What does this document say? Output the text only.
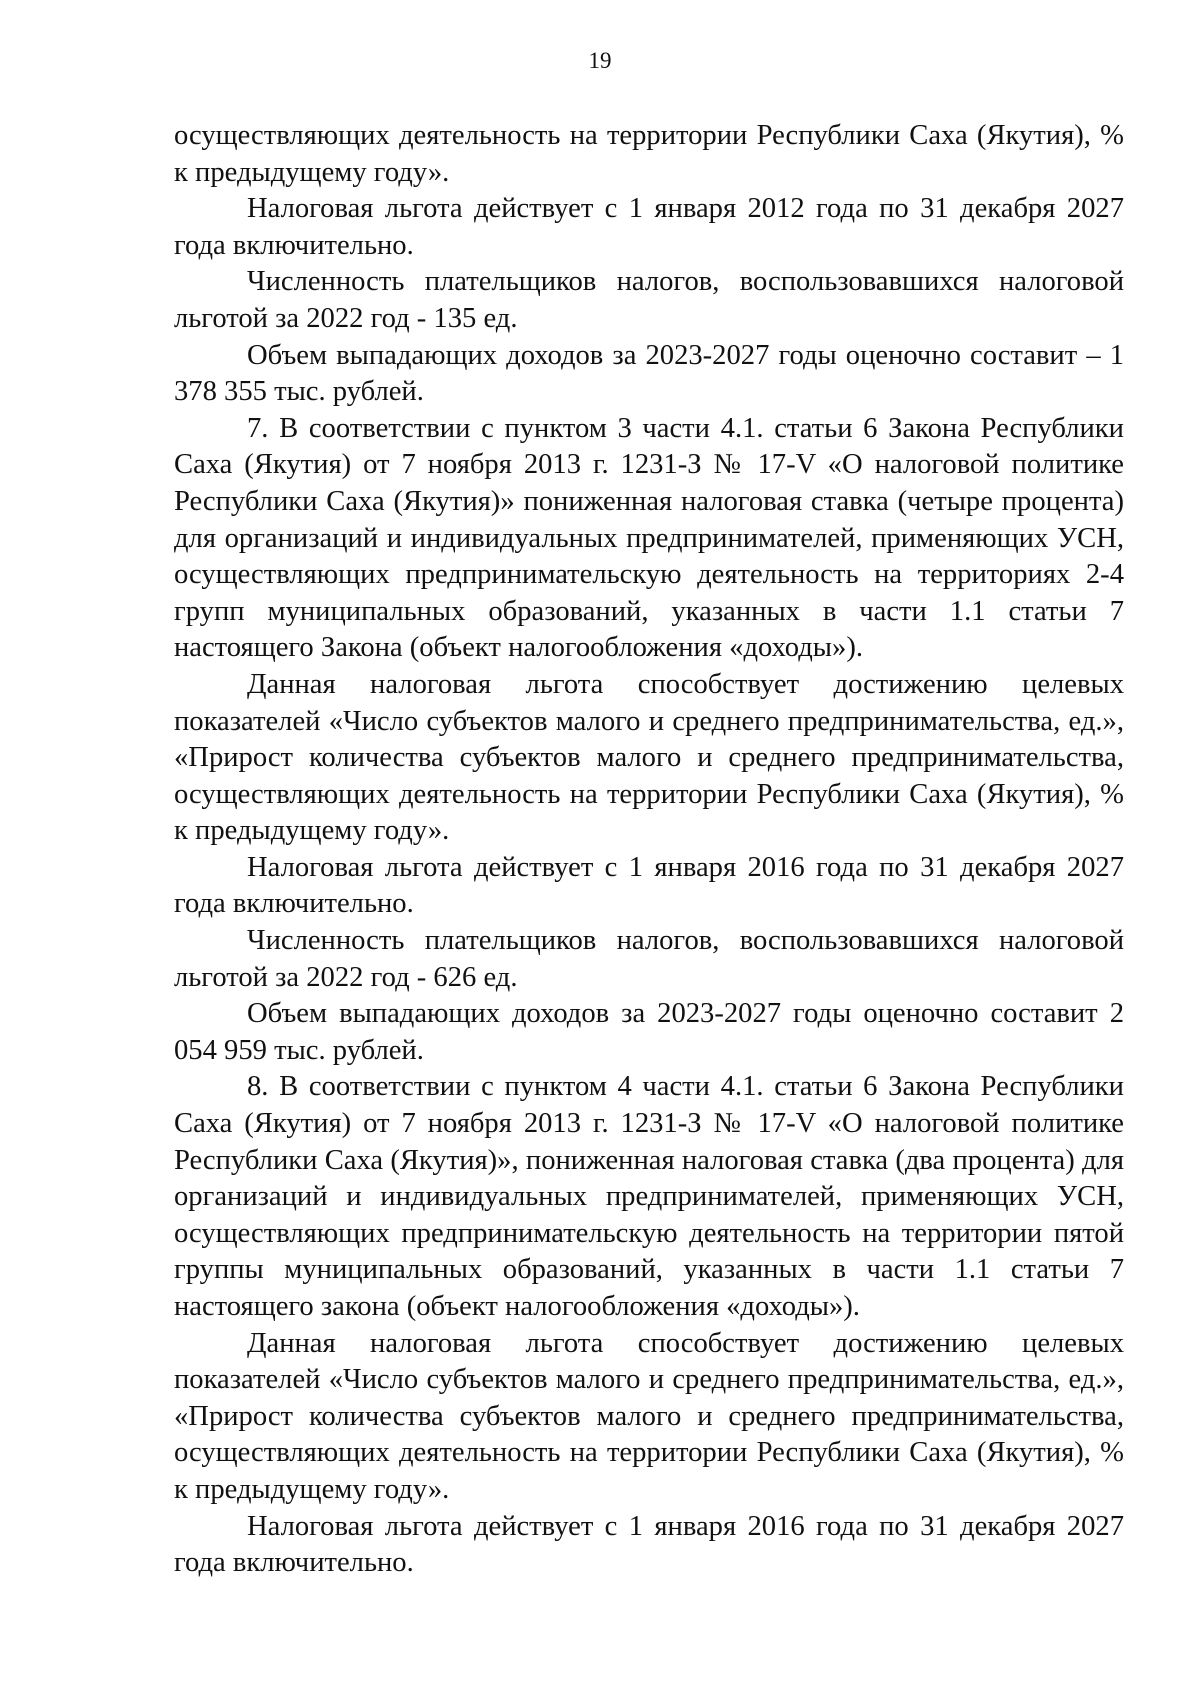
19

осуществляющих деятельность на территории Республики Саха (Якутия), % к предыдущему году».

Налоговая льгота действует с 1 января 2012 года по 31 декабря 2027 года включительно.

Численность плательщиков налогов, воспользовавшихся налоговой льготой за 2022 год - 135 ед.

Объем выпадающих доходов за 2023-2027 годы оценочно составит – 1 378 355 тыс. рублей.

7. В соответствии с пунктом 3 части 4.1. статьи 6 Закона Республики Саха (Якутия) от 7 ноября 2013 г. 1231-З № 17-V «О налоговой политике Республики Саха (Якутия)» пониженная налоговая ставка (четыре процента) для организаций и индивидуальных предпринимателей, применяющих УСН, осуществляющих предпринимательскую деятельность на территориях 2-4 групп муниципальных образований, указанных в части 1.1 статьи 7 настоящего Закона (объект налогообложения «доходы»).

Данная налоговая льгота способствует достижению целевых показателей «Число субъектов малого и среднего предпринимательства, ед.», «Прирост количества субъектов малого и среднего предпринимательства, осуществляющих деятельность на территории Республики Саха (Якутия), % к предыдущему году».

Налоговая льгота действует с 1 января 2016 года по 31 декабря 2027 года включительно.

Численность плательщиков налогов, воспользовавшихся налоговой льготой за 2022 год - 626 ед.

Объем выпадающих доходов за 2023-2027 годы оценочно составит 2 054 959 тыс. рублей.

8. В соответствии с пунктом 4 части 4.1. статьи 6 Закона Республики Саха (Якутия) от 7 ноября 2013 г. 1231-З № 17-V «О налоговой политике Республики Саха (Якутия)», пониженная налоговая ставка (два процента) для организаций и индивидуальных предпринимателей, применяющих УСН, осуществляющих предпринимательскую деятельность на территории пятой группы муниципальных образований, указанных в части 1.1 статьи 7 настоящего закона (объект налогообложения «доходы»).

Данная налоговая льгота способствует достижению целевых показателей «Число субъектов малого и среднего предпринимательства, ед.», «Прирост количества субъектов малого и среднего предпринимательства, осуществляющих деятельность на территории Республики Саха (Якутия), % к предыдущему году».

Налоговая льгота действует с 1 января 2016 года по 31 декабря 2027 года включительно.
